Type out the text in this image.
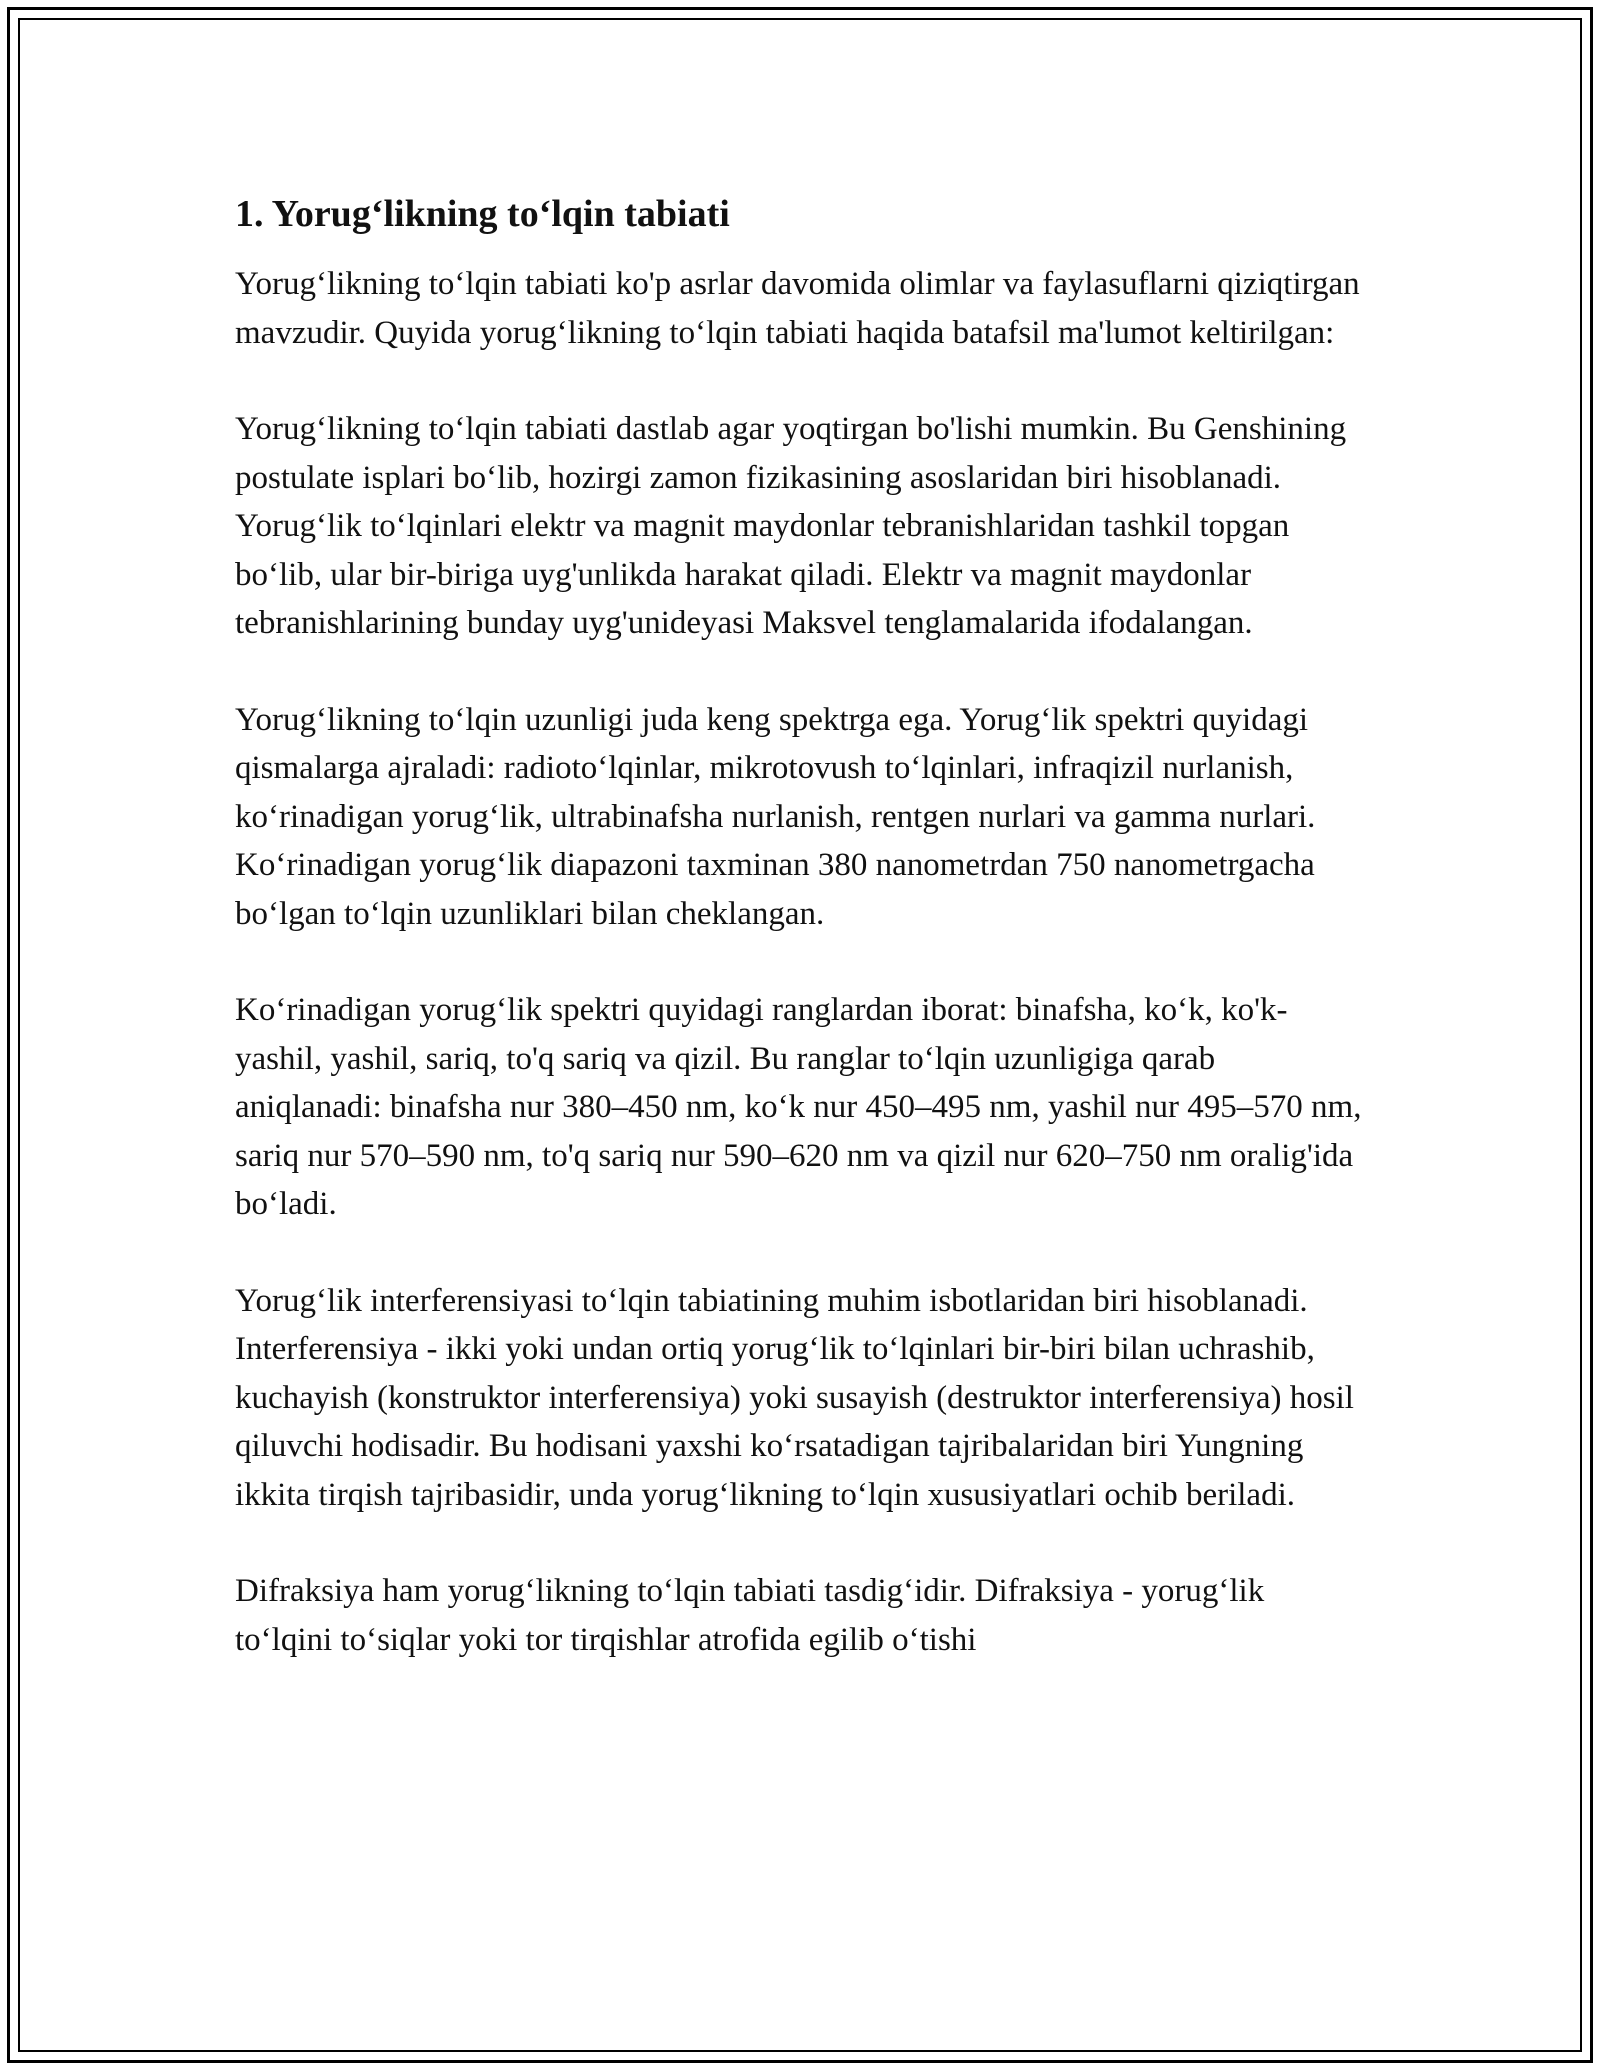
1. Yorug‘likning to‘lqin tabiati

Yorug‘likning to‘lqin tabiati ko'p asrlar davomida olimlar va faylasuflarni qiziqtirgan mavzudir. Quyida yorug‘likning to‘lqin tabiati haqida batafsil ma'lumot keltirilgan:

Yorug‘likning to‘lqin tabiati dastlab agar yoqtirgan bo'lishi mumkin. Bu Genshining postulate isplari bo‘lib, hozirgi zamon fizikasining asoslaridan biri hisoblanadi. Yorug‘lik to‘lqinlari elektr va magnit maydonlar tebranishlaridan tashkil topgan bo‘lib, ular bir-biriga uyg'unlikda harakat qiladi. Elektr va magnit maydonlar tebranishlarining bunday uyg'unideyasi Maksvel tenglamalarida ifodalangan.

Yorug‘likning to‘lqin uzunligi juda keng spektrga ega. Yorug‘lik spektri quyidagi qismalarga ajraladi: radioto‘lqinlar, mikrotovush to‘lqinlari, infraqizil nurlanish, ko‘rinadigan yorug‘lik, ultrabinafsha nurlanish, rentgen nurlari va gamma nurlari. Ko‘rinadigan yorug‘lik diapazoni taxminan 380 nanometrdan 750 nanometrgacha bo‘lgan to‘lqin uzunliklari bilan cheklangan.

Ko‘rinadigan yorug‘lik spektri quyidagi ranglardan iborat: binafsha, ko‘k, ko'k-yashil, yashil, sariq, to'q sariq va qizil. Bu ranglar to‘lqin uzunligiga qarab aniqlanadi: binafsha nur 380–450 nm, ko‘k nur 450–495 nm, yashil nur 495–570 nm, sariq nur 570–590 nm, to'q sariq nur 590–620 nm va qizil nur 620–750 nm oralig'ida bo‘ladi.

Yorug‘lik interferensiyasi to‘lqin tabiatining muhim isbotlaridan biri hisoblanadi. Interferensiya - ikki yoki undan ortiq yorug‘lik to‘lqinlari bir-biri bilan uchrashib, kuchayish (konstruktor interferensiya) yoki susayish (destruktor interferensiya) hosil qiluvchi hodisadir. Bu hodisani yaxshi ko‘rsatadigan tajribalaridan biri Yungning ikkita tirqish tajribasidir, unda yorug‘likning to‘lqin xususiyatlari ochib beriladi.

Difraksiya ham yorug‘likning to‘lqin tabiati tasdig‘idir. Difraksiya - yorug‘lik to‘lqini to‘siqlar yoki tor tirqishlar atrofida egilib o‘tishi
